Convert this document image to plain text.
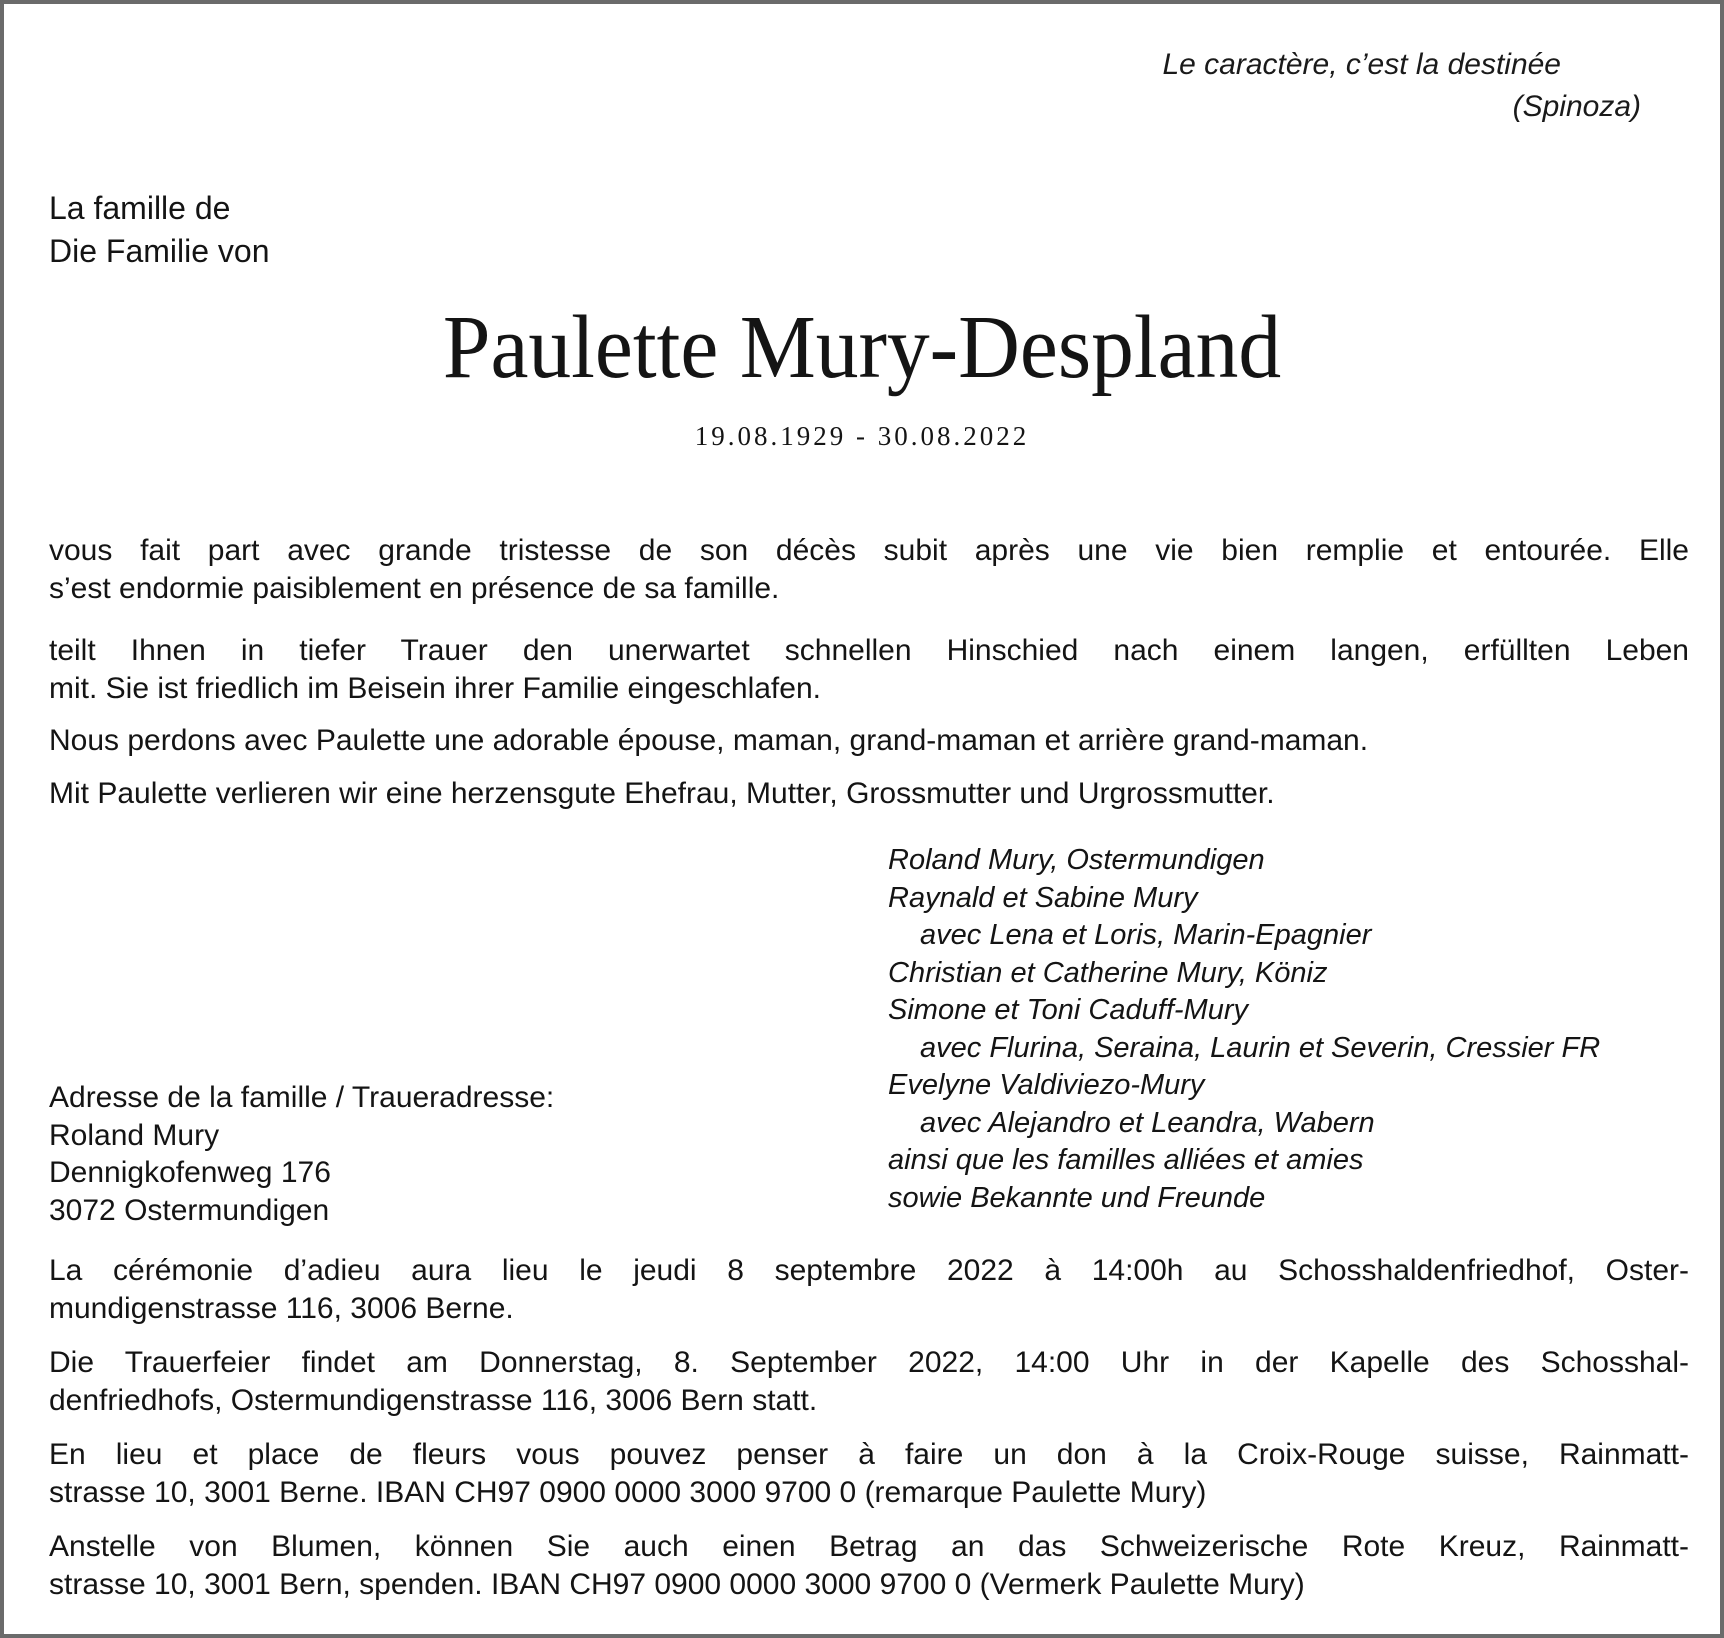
Le caractère, c’est la destinée
(Spinoza)
La famille de
Die Familie von
Paulette Mury-Despland
19.08.1929 - 30.08.2022

vous fait part avec grande tristesse de son décès subit après une vie bien remplie et entourée. Elle
s’est endormie paisiblement en présence de sa famille.

teilt Ihnen in tiefer Trauer den unerwartet schnellen Hinschied nach einem langen, erfüllten Leben
mit. Sie ist friedlich im Beisein ihrer Familie eingeschlafen.

Nous perdons avec Paulette une adorable épouse, maman, grand-maman et arrière grand-maman.

Mit Paulette verlieren wir eine herzensgute Ehefrau, Mutter, Grossmutter und Urgrossmutter.

Roland Mury, Ostermundigen
Raynald et Sabine Mury
avec Lena et Loris, Marin-Epagnier
Christian et Catherine Mury, Köniz
Simone et Toni Caduff-Mury
avec Flurina, Seraina, Laurin et Severin, Cressier FR
Evelyne Valdiviezo-Mury
avec Alejandro et Leandra, Wabern
ainsi que les familles alliées et amies
sowie Bekannte und Freunde
Adresse de la famille / Traueradresse:
Roland Mury
Dennigkofenweg 176
3072 Ostermundigen

La cérémonie d’adieu aura lieu le jeudi 8 septembre 2022 à 14:00h au Schosshaldenfriedhof, Oster-
mundigenstrasse 116, 3006 Berne.

Die Trauerfeier findet am Donnerstag, 8. September 2022, 14:00 Uhr in der Kapelle des Schosshal-
denfriedhofs, Ostermundigenstrasse 116, 3006 Bern statt.

En lieu et place de fleurs vous pouvez penser à faire un don à la Croix-Rouge suisse, Rainmatt-
strasse 10, 3001 Berne. IBAN CH97 0900 0000 3000 9700 0 (remarque Paulette Mury)

Anstelle von Blumen, können Sie auch einen Betrag an das Schweizerische Rote Kreuz, Rainmatt-
strasse 10, 3001 Bern, spenden. IBAN CH97 0900 0000 3000 9700 0 (Vermerk Paulette Mury)
